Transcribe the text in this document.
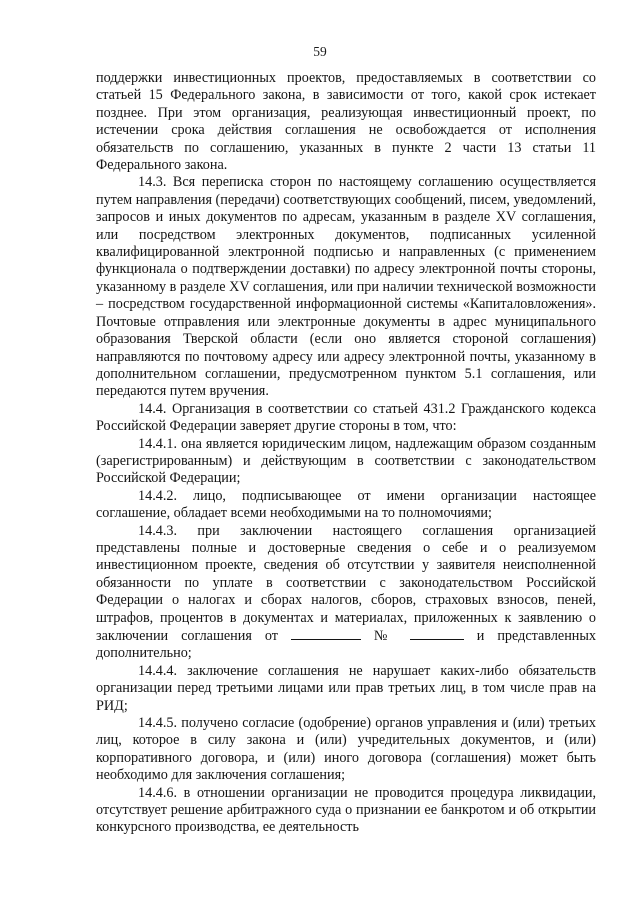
59

поддержки инвестиционных проектов, предоставляемых в соответствии со статьей 15 Федерального закона, в зависимости от того, какой срок истекает позднее. При этом организация, реализующая инвестиционный проект, по истечении срока действия соглашения не освобождается от исполнения обязательств по соглашению, указанных в пункте 2 части 13 статьи 11 Федерального закона.

14.3. Вся переписка сторон по настоящему соглашению осуществляется путем направления (передачи) соответствующих сообщений, писем, уведомлений, запросов и иных документов по адресам, указанным в разделе XV соглашения, или посредством электронных документов, подписанных усиленной квалифицированной электронной подписью и направленных (с применением функционала о подтверждении доставки) по адресу электронной почты стороны, указанному в разделе XV соглашения, или при наличии технической возможности – посредством государственной информационной системы «Капиталовложения». Почтовые отправления или электронные документы в адрес муниципального образования Тверской области (если оно является стороной соглашения) направляются по почтовому адресу или адресу электронной почты, указанному в дополнительном соглашении, предусмотренном пунктом 5.1 соглашения, или передаются путем вручения.

14.4. Организация в соответствии со статьей 431.2 Гражданского кодекса Российской Федерации заверяет другие стороны в том, что:

14.4.1. она является юридическим лицом, надлежащим образом созданным (зарегистрированным) и действующим в соответствии с законодательством Российской Федерации;

14.4.2. лицо, подписывающее от имени организации настоящее соглашение, обладает всеми необходимыми на то полномочиями;

14.4.3. при заключении настоящего соглашения организацией представлены полные и достоверные сведения о себе и о реализуемом инвестиционном проекте, сведения об отсутствии у заявителя неисполненной обязанности по уплате в соответствии с законодательством Российской Федерации о налогах и сборах налогов, сборов, страховых взносов, пеней, штрафов, процентов в документах и материалах, приложенных к заявлению о заключении соглашения от	№	и представленных дополнительно;

14.4.4. заключение соглашения не нарушает каких-либо обязательств организации перед третьими лицами или прав третьих лиц, в том числе прав на РИД;

14.4.5. получено согласие (одобрение) органов управления и (или) третьих лиц, которое в силу закона и (или) учредительных документов, и (или) корпоративного договора, и (или) иного договора (соглашения) может быть необходимо для заключения соглашения;

14.4.6. в отношении организации не проводится процедура ликвидации, отсутствует решение арбитражного суда о признании ее банкротом и об открытии конкурсного производства, ее деятельность
